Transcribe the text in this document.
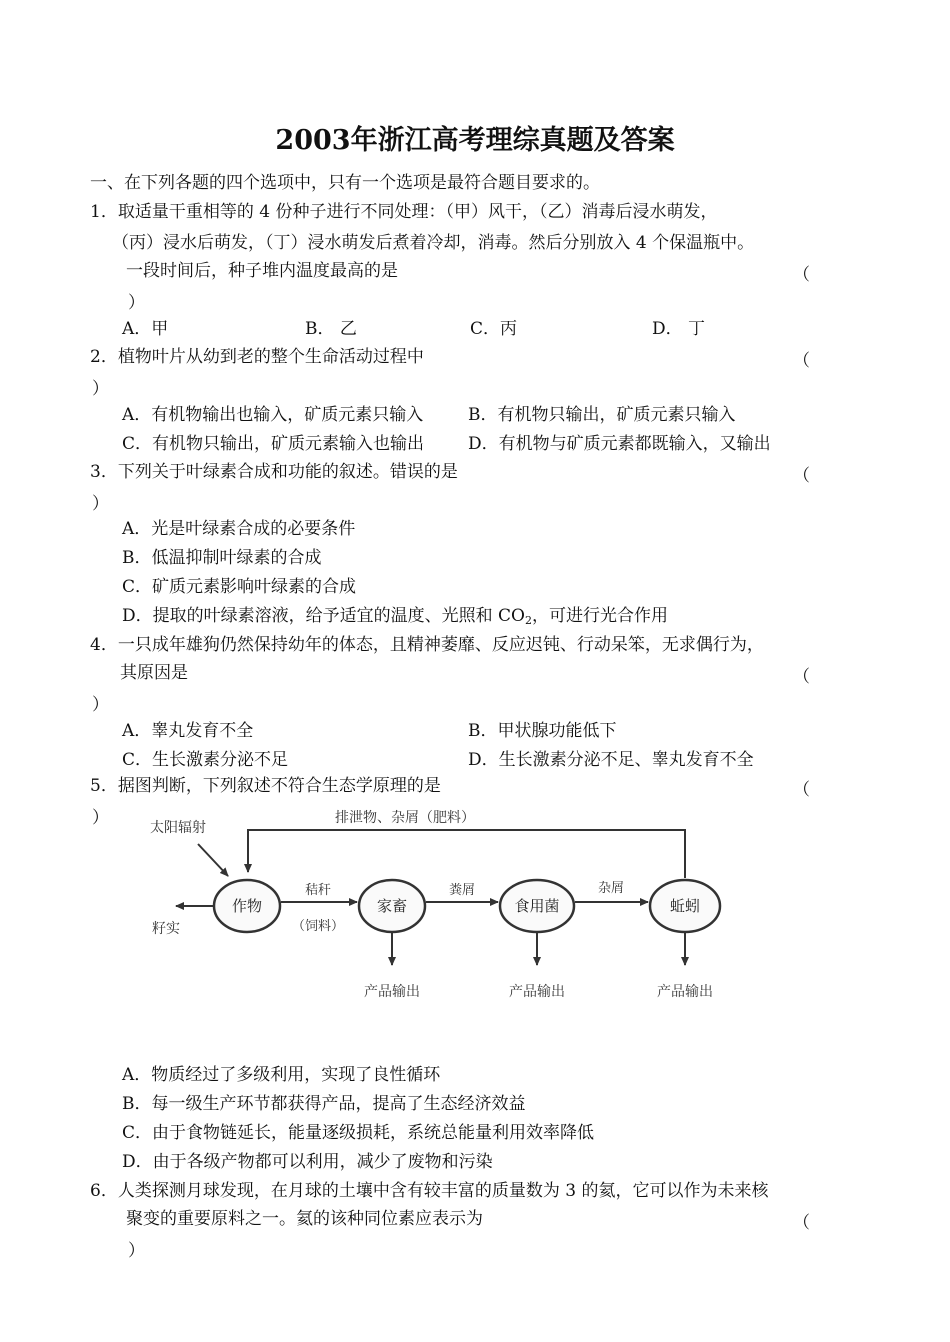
2003年浙江高考理综真题及答案
一、在下列各题的四个选项中，只有一个选项是最符合题目要求的。
1．取适量干重相等的 4 份种子进行不同处理：（甲）风干，（乙）消毒后浸水萌发，
（丙）浸水后萌发，（丁）浸水萌发后煮着冷却，消毒。然后分别放入 4 个保温瓶中。
一段时间后，种子堆内温度最高的是	（
）
A．甲	B． 乙	C．丙	D． 丁
2．植物叶片从幼到老的整个生命活动过程中	（
）
A．有机物输出也输入，矿质元素只输入	B．有机物只输出，矿质元素只输入
C．有机物只输出，矿质元素输入也输出	D．有机物与矿质元素都既输入，又输出
3．下列关于叶绿素合成和功能的叙述。错误的是	（
）
A．光是叶绿素合成的必要条件
B．低温抑制叶绿素的合成
C．矿质元素影响叶绿素的合成
D．提取的叶绿素溶液，给予适宜的温度、光照和 $CO_2$，可进行光合作用
4．一只成年雄狗仍然保持幼年的体态，且精神萎靡、反应迟钝、行动呆笨，无求偶行为，
其原因是	（
）
A．睾丸发育不全	B．甲状腺功能低下
C．生长激素分泌不足	D．生长激素分泌不足、睾丸发育不全
5．据图判断，下列叙述不符合生态学原理的是	（
）	排泄物、杂屑（肥料）
太阳辐射
作物	家畜	食用菌	蚯蚓
秸秆
（饲料）
粪屑	杂屑
籽实
产品输出	产品输出	产品输出
A．物质经过了多级利用，实现了良性循环
B．每一级生产环节都获得产品，提高了生态经济效益
C．由于食物链延长，能量逐级损耗，系统总能量利用效率降低
D．由于各级产物都可以利用，减少了废物和污染
6．人类探测月球发现，在月球的土壤中含有较丰富的质量数为 3 的氦，它可以作为未来核
聚变的重要原料之一。氦的该种同位素应表示为	（
）
